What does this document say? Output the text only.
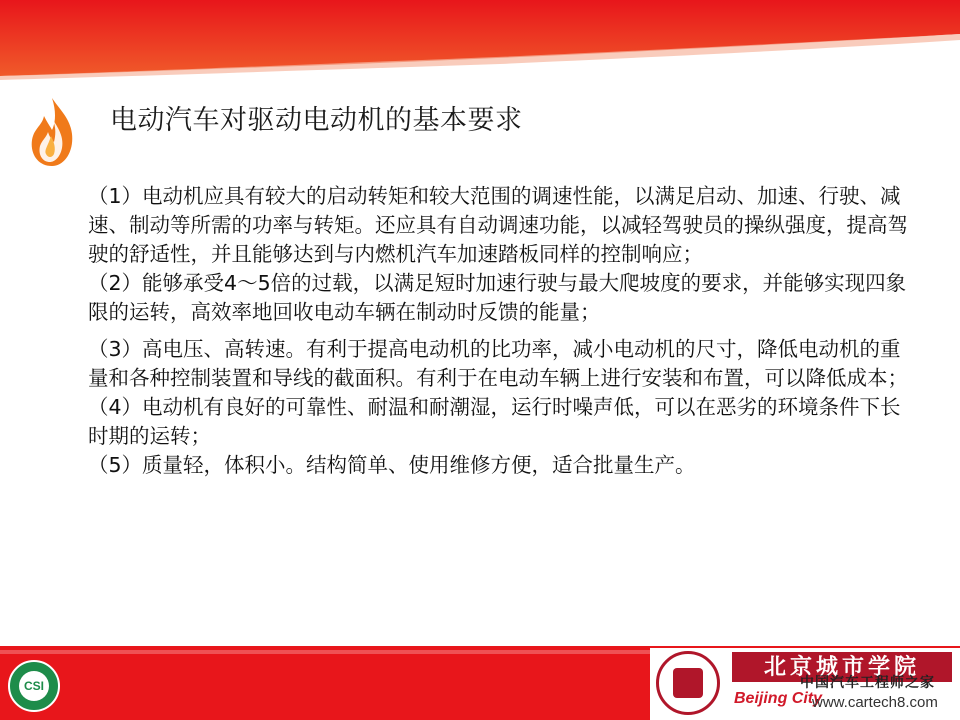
电动汽车对驱动电动机的基本要求

（1）电动机应具有较大的启动转矩和较大范围的调速性能，以满足启动、加速、行驶、减速、制动等所需的功率与转矩。还应具有自动调速功能，以减轻驾驶员的操纵强度，提高驾驶的舒适性，并且能够达到与内燃机汽车加速踏板同样的控制响应；

（2）能够承受4～5倍的过载，以满足短时加速行驶与最大爬坡度的要求，并能够实现四象限的运转，高效率地回收电动车辆在制动时反馈的能量；

（3）高电压、高转速。有利于提高电动机的比功率，减小电动机的尺寸，降低电动机的重量和各种控制装置和导线的截面积。有利于在电动车辆上进行安装和布置，可以降低成本；

（4）电动机有良好的可靠性、耐温和耐潮湿，运行时噪声低，可以在恶劣的环境条件下长时期的运转；

（5）质量轻，体积小。结构简单、使用维修方便，适合批量生产。

CSI
北京城市学院
Beijing City
中国汽车工程师之家
www.cartech8.com
